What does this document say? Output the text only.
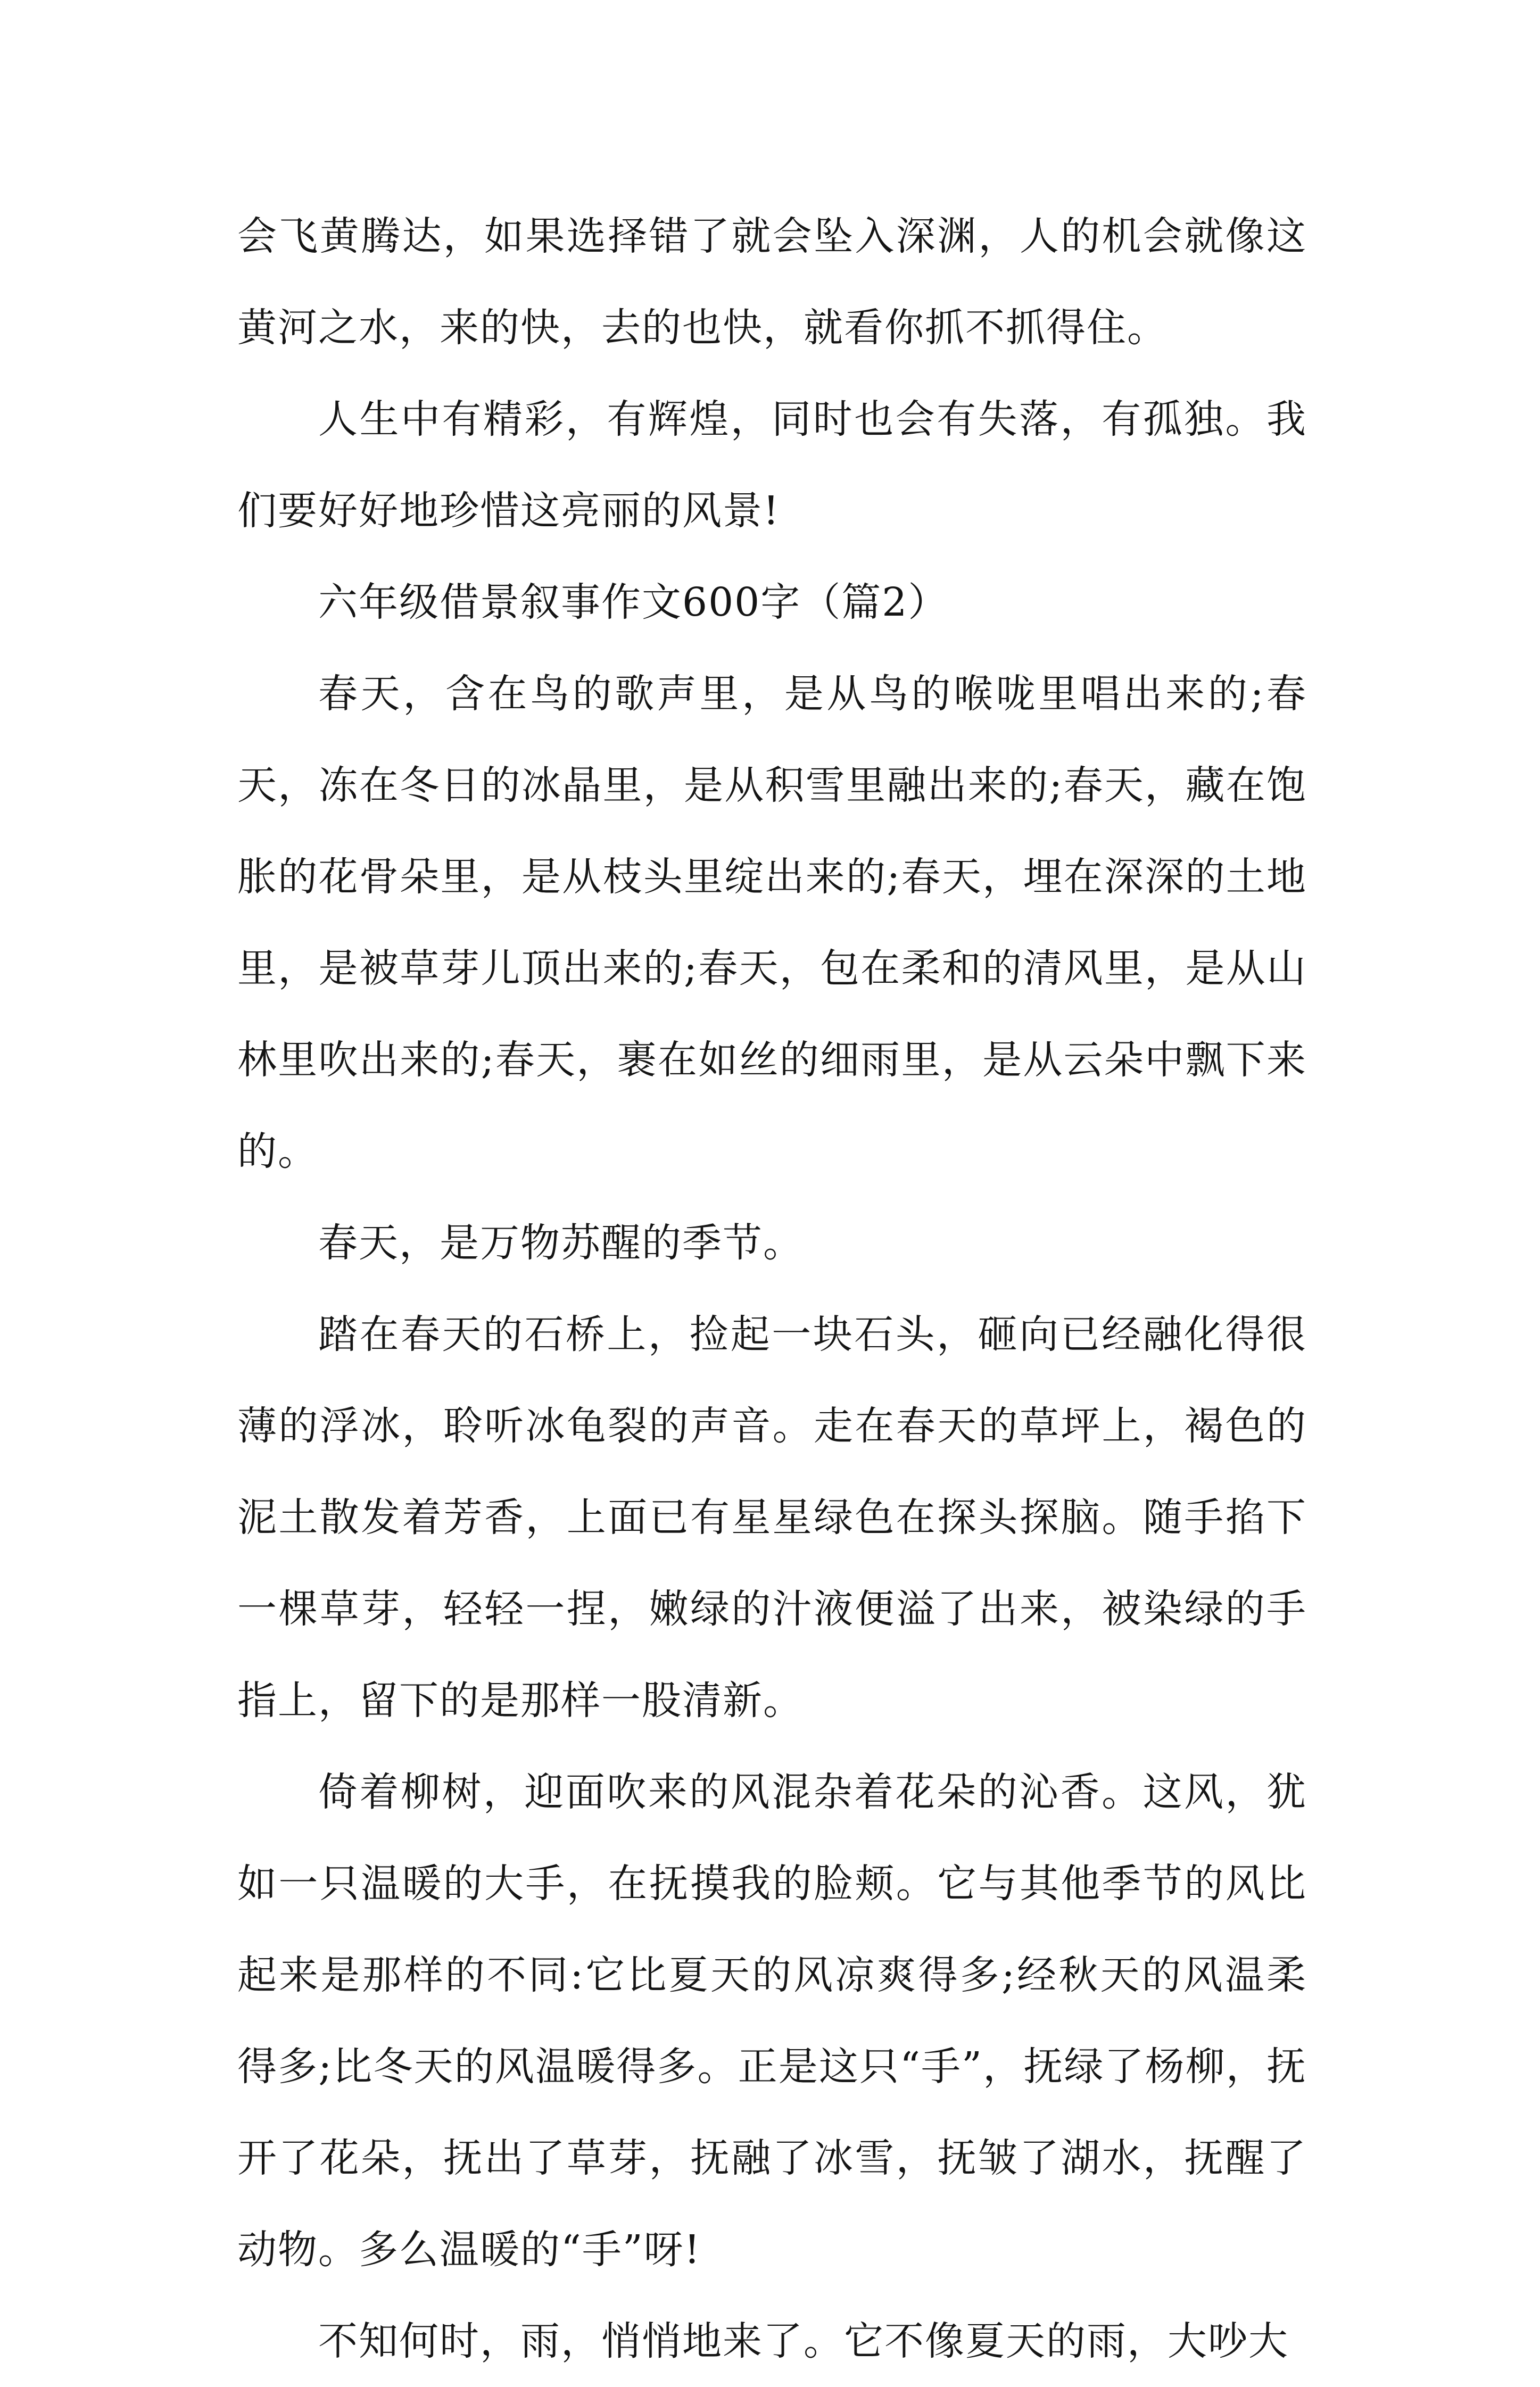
会飞黄腾达，如果选择错了就会坠入深渊，人的机会就像这黄河之水，来的快，去的也快，就看你抓不抓得住。

人生中有精彩，有辉煌，同时也会有失落，有孤独。我们要好好地珍惜这亮丽的风景!

六年级借景叙事作文600字（篇2）

春天，含在鸟的歌声里，是从鸟的喉咙里唱出来的;春天，冻在冬日的冰晶里，是从积雪里融出来的;春天，藏在饱胀的花骨朵里，是从枝头里绽出来的;春天，埋在深深的土地里，是被草芽儿顶出来的;春天，包在柔和的清风里，是从山林里吹出来的;春天，裹在如丝的细雨里，是从云朵中飘下来的。

春天，是万物苏醒的季节。

踏在春天的石桥上，捡起一块石头，砸向已经融化得很薄的浮冰，聆听冰龟裂的声音。走在春天的草坪上，褐色的泥土散发着芳香，上面已有星星绿色在探头探脑。随手掐下一棵草芽，轻轻一捏，嫩绿的汁液便溢了出来，被染绿的手指上，留下的是那样一股清新。

倚着柳树，迎面吹来的风混杂着花朵的沁香。这风，犹如一只温暖的大手，在抚摸我的脸颊。它与其他季节的风比起来是那样的不同:它比夏天的风凉爽得多;经秋天的风温柔得多;比冬天的风温暖得多。正是这只“手”，抚绿了杨柳，抚开了花朵，抚出了草芽，抚融了冰雪，抚皱了湖水，抚醒了动物。多么温暖的“手”呀!

不知何时，雨，悄悄地来了。它不像夏天的雨，大吵大
